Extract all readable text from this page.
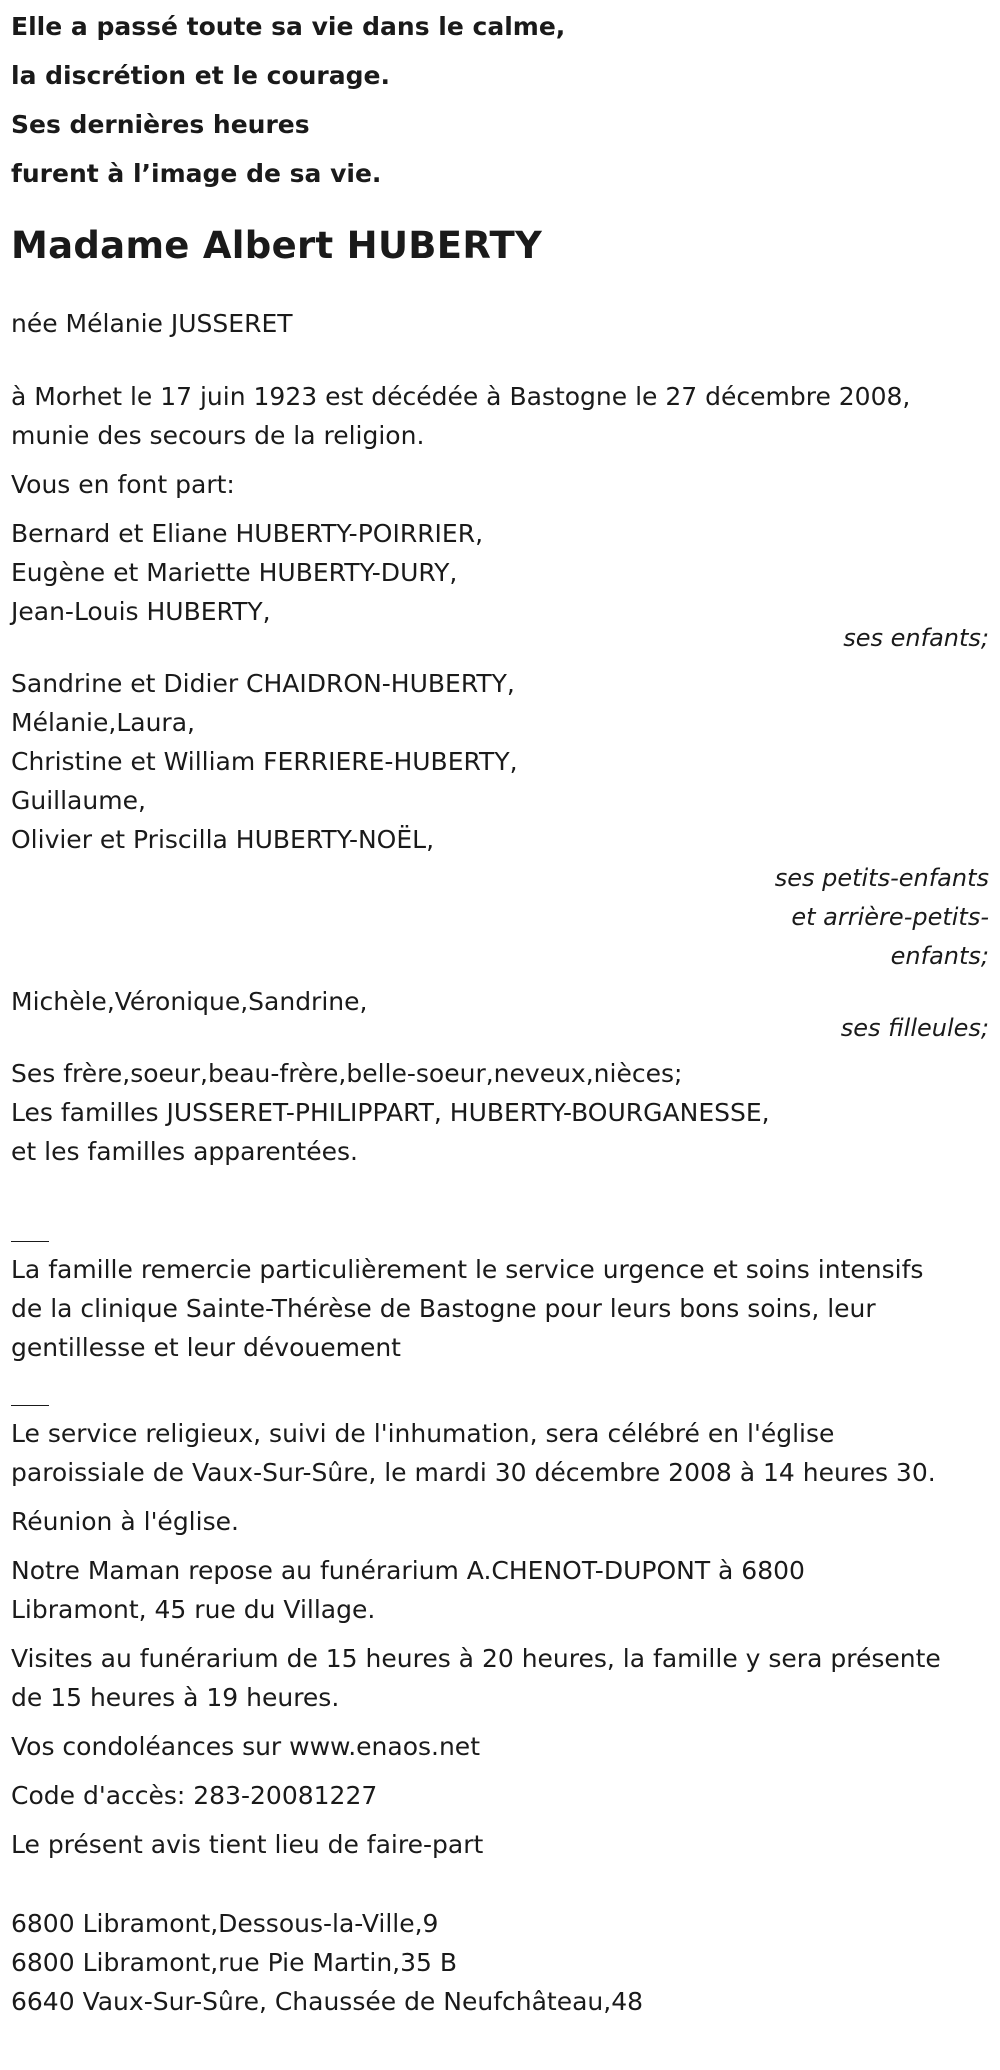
Elle a passé toute sa vie dans le calme,
la discrétion et le courage.
Ses dernières heures
furent à l’image de sa vie.
Madame Albert HUBERTY
née Mélanie JUSSERET
à Morhet le 17 juin 1923 est décédée à Bastogne le 27 décembre 2008,
munie des secours de la religion.
Vous en font part:
Bernard et Eliane HUBERTY-POIRRIER,
Eugène et Mariette HUBERTY-DURY,
Jean-Louis HUBERTY,
ses enfants;
Sandrine et Didier CHAIDRON-HUBERTY,
Mélanie,Laura,
Christine et William FERRIERE-HUBERTY,
Guillaume,
Olivier et Priscilla HUBERTY-NOËL,
ses petits-enfants
et arrière-petits-
enfants;
Michèle,Véronique,Sandrine,
ses filleules;
Ses frère,soeur,beau-frère,belle-soeur,neveux,nièces;
Les familles JUSSERET-PHILIPPART, HUBERTY-BOURGANESSE,
et les familles apparentées.
La famille remercie particulièrement le service urgence et soins intensifs
de la clinique Sainte-Thérèse de Bastogne pour leurs bons soins, leur
gentillesse et leur dévouement
Le service religieux, suivi de l'inhumation, sera célébré en l'église
paroissiale de Vaux-Sur-Sûre, le mardi 30 décembre 2008 à 14 heures 30.
Réunion à l'église.
Notre Maman repose au funérarium A.CHENOT-DUPONT à 6800
Libramont, 45 rue du Village.
Visites au funérarium de 15 heures à 20 heures, la famille y sera présente
de 15 heures à 19 heures.
Vos condoléances sur www.enaos.net
Code d'accès: 283-20081227
Le présent avis tient lieu de faire-part
6800 Libramont,Dessous-la-Ville,9
6800 Libramont,rue Pie Martin,35 B
6640 Vaux-Sur-Sûre, Chaussée de Neufchâteau,48
